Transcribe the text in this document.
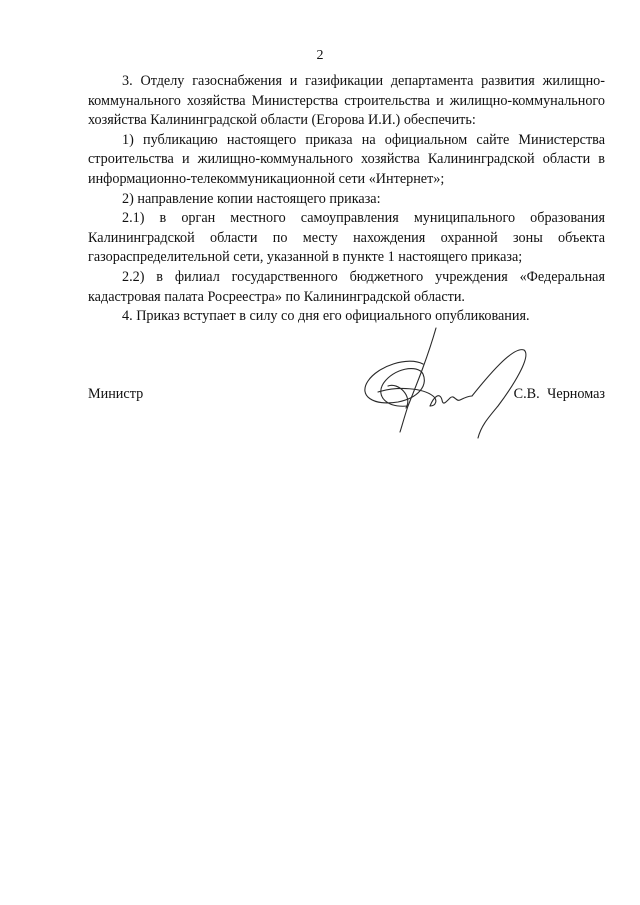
2

3. Отделу газоснабжения и газификации департамента развития жилищно-коммунального хозяйства Министерства строительства и жилищно-коммунального хозяйства Калининградской области (Егорова И.И.) обеспечить:

1) публикацию настоящего приказа на официальном сайте Министерства строительства и жилищно-коммунального хозяйства Калининградской области в информационно-телекоммуникационной сети «Интернет»;

2) направление копии настоящего приказа:

2.1) в орган местного самоуправления муниципального образования Калининградской области по месту нахождения охранной зоны объекта газораспределительной сети, указанной в пункте 1 настоящего приказа;

2.2) в филиал государственного бюджетного учреждения «Федеральная кадастровая палата Росреестра» по Калининградской области.

4. Приказ вступает в силу со дня его официального опубликования.

Министр	С.В. Черномаз
